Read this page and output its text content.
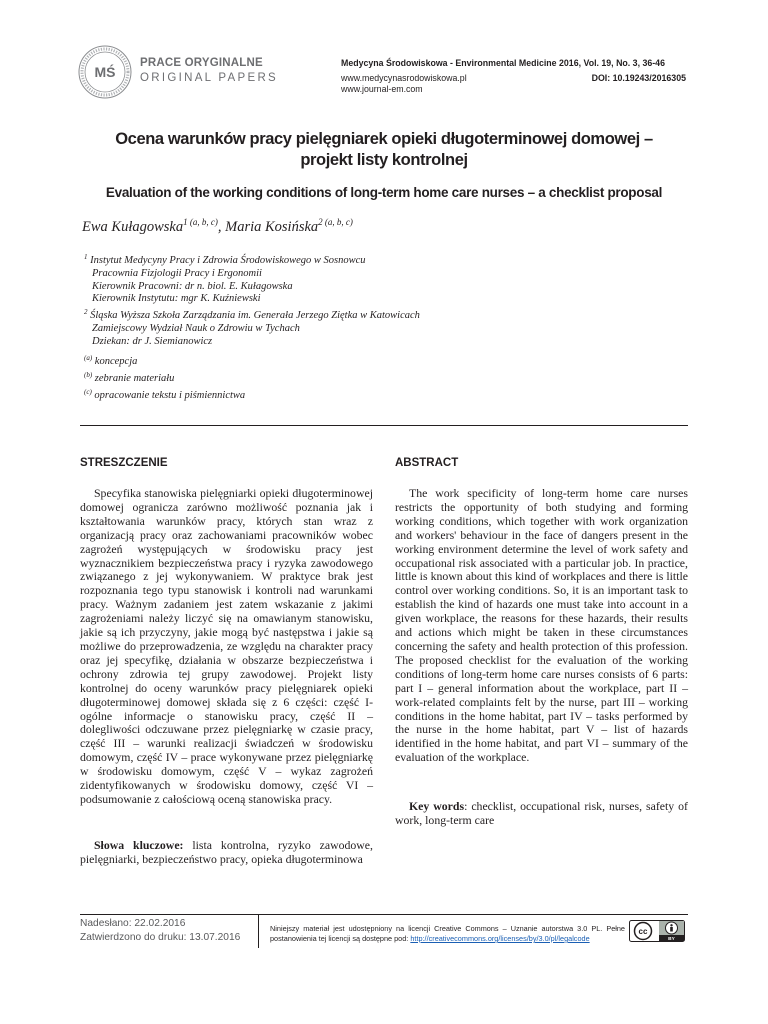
MŚ
PRACE ORYGINALNE
ORIGINAL PAPERS
Medycyna Środowiskowa - Environmental Medicine 2016, Vol. 19, No. 3, 36-46
www.medycynasrodowiskowa.pl	DOI: 10.19243/2016305
www.journal-em.com
Ocena warunków pracy pielęgniarek opieki długoterminowej domowej – projekt listy kontrolnej
Evaluation of the working conditions of long-term home care nurses – a checklist proposal
Ewa Kułagowska$^{1 (a, b, c)}$, Maria Kosińska$^{2 (a, b, c)}$
$^1$ Instytut Medycyny Pracy i Zdrowia Środowiskowego w Sosnowcu
Pracownia Fizjologii Pracy i Ergonomii
Kierownik Pracowni: dr n. biol. E. Kułagowska
Kierownik Instytutu: mgr K. Kuźniewski
$^2$ Śląska Wyższa Szkoła Zarządzania im. Generała Jerzego Ziętka w Katowicach
Zamiejscowy Wydział Nauk o Zdrowiu w Tychach
Dziekan: dr J. Siemianowicz
$^{(a)}$ koncepcja
$^{(b)}$ zebranie materiału
$^{(c)}$ opracowanie tekstu i piśmiennictwa
STRESZCZENIE	ABSTRACT
Specyfika stanowiska pielęgniarki opieki długoterminowej domowej ogranicza zarówno możliwość poznania jak i kształtowania warunków pracy, których stan wraz z organizacją pracy oraz zachowaniami pracowników wobec zagrożeń występujących w środowisku pracy jest wyznacznikiem bezpieczeństwa pracy i ryzyka zawodowego związanego z jej wykonywaniem. W praktyce brak jest rozpoznania tego typu stanowisk i kontroli nad warunkami pracy. Ważnym zadaniem jest zatem wskazanie z jakimi zagrożeniami należy liczyć się na omawianym stanowisku, jakie są ich przyczyny, jakie mogą być następstwa i jakie są możliwe do przeprowadzenia, ze względu na charakter pracy oraz jej specyfikę, działania w obszarze bezpieczeństwa i ochrony zdrowia tej grupy zawodowej. Projekt listy kontrolnej do oceny warunków pracy pielęgniarek opieki długoterminowej domowej składa się z 6 części: część I- ogólne informacje o stanowisku pracy, część II – dolegliwości odczuwane przez pielęgniarkę w czasie pracy, część III – warunki realizacji świadczeń w środowisku domowym, część IV – prace wykonywane przez pielęgniarkę w środowisku domowym, część V – wykaz zagrożeń zidentyfikowanych w środowisku domowy, część VI – podsumowanie z całościową oceną stanowiska pracy.
Słowa kluczowe: lista kontrolna, ryzyko zawodowe, pielęgniarki, bezpieczeństwo pracy, opieka długoterminowa
The work specificity of long-term home care nurses restricts the opportunity of both studying and forming working conditions, which together with work organization and workers' behaviour in the face of dangers present in the working environment determine the level of work safety and occupational risk associated with a particular job. In practice, little is known about this kind of workplaces and there is little control over working conditions. So, it is an important task to establish the kind of hazards one must take into account in a given workplace, the reasons for these hazards, their results and actions which might be taken in these circumstances concerning the safety and health protection of this profession. The proposed checklist for the evaluation of the working conditions of long-term home care nurses consists of 6 parts: part I – general information about the workplace, part II – work-related complaints felt by the nurse, part III – working conditions in the home habitat, part IV – tasks performed by the nurse in the home habitat, part V – list of hazards identified in the home habitat, and part VI – summary of the evaluation of the workplace.
Key words: checklist, occupational risk, nurses, safety of work, long-term care
Nadesłano: 22.02.2016
Zatwierdzono do druku: 13.07.2016
Niniejszy materiał jest udostępniony na licencji Creative Commons – Uznanie autorstwa 3.0 PL. Pełne postanowienia tej licencji są dostępne pod: http://creativecommons.org/licenses/by/3.0/pl/legalcode
cc
BY
